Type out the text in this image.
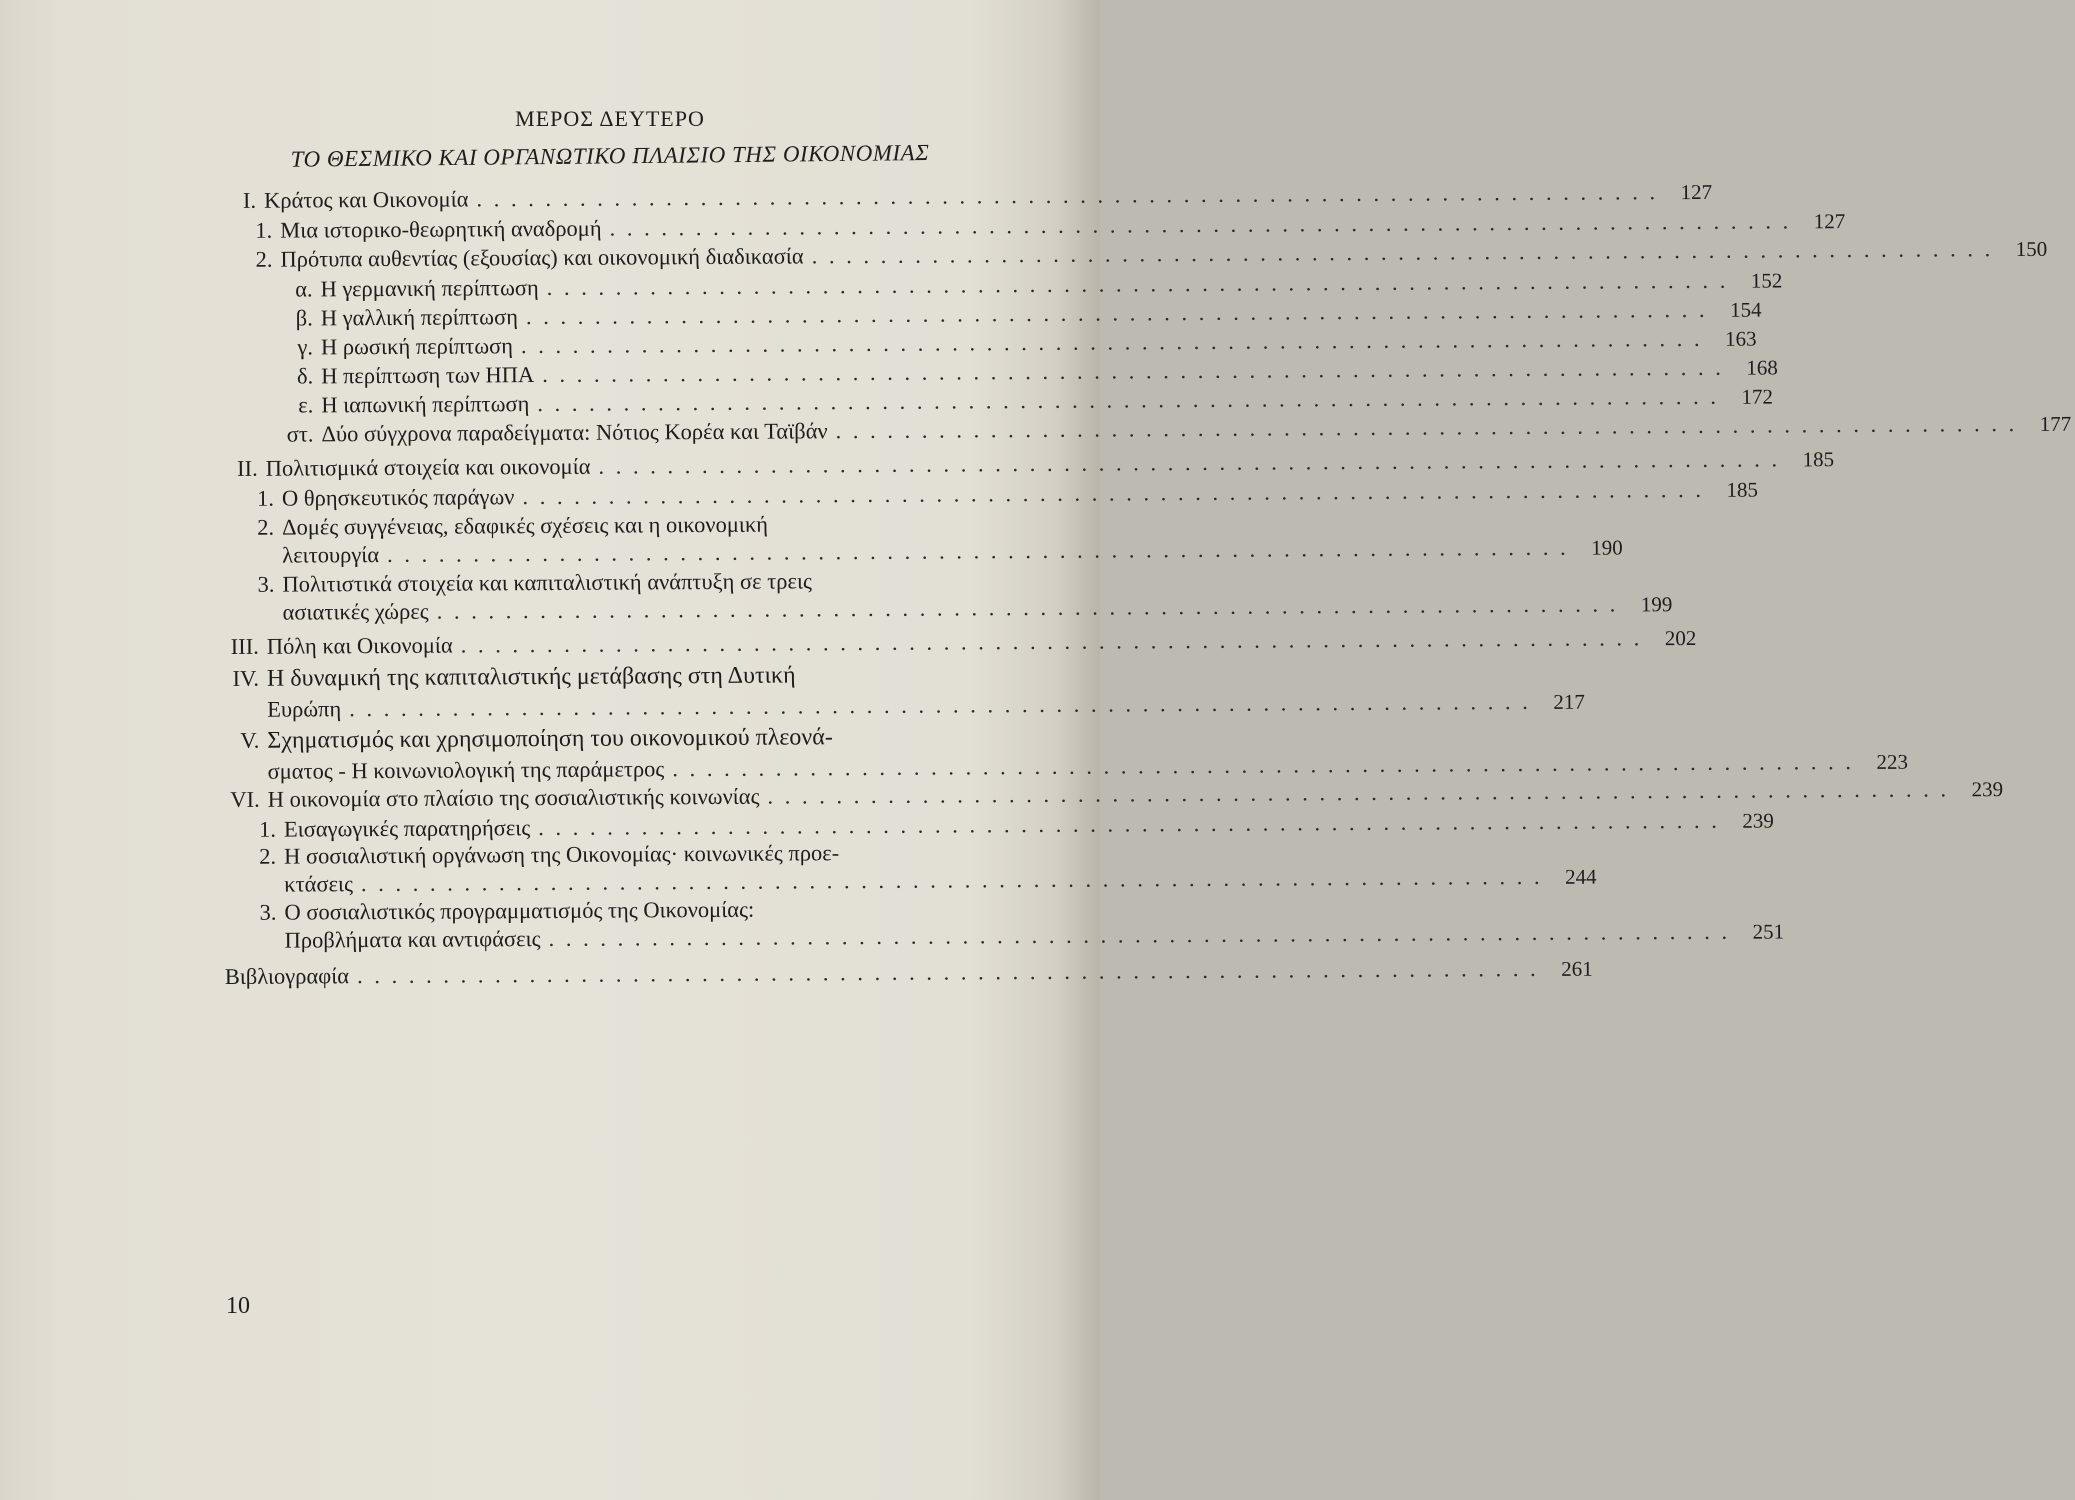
ΜΕΡΟΣ ΔΕΥΤΕΡΟ
ΤΟ ΘΕΣΜΙΚΟ ΚΑΙ ΟΡΓΑΝΩΤΙΚΟ ΠΛΑΙΣΙΟ ΤΗΣ ΟΙΚΟΝΟΜΙΑΣ
I. Κράτος και Οικονομία . . . . . . . . . . . . . . . . . . . . . . . . . . . . . . . . . . . . . . . . . . . . . . . . . . . . . . . . . . . . . . . . . . . . .	127
1. Μια ιστορικο-θεωρητική αναδρομή . . . . . . . . . . . . . . . . . . . . . . . . . . . . . . . . . . . . . . . . . . . . . . . . . . . . . . . . . . . . . . . . . . . . .	127
2. Πρότυπα αυθεντίας (εξουσίας) και οικονομική διαδικασία . . . . . . . . . . . . . . . . . . . . . . . . . . . . . . . . . . . . . . . . . . . . . . . . . . . . . . . . . . . . . . . . . . . . .	150
α. Η γερμανική περίπτωση . . . . . . . . . . . . . . . . . . . . . . . . . . . . . . . . . . . . . . . . . . . . . . . . . . . . . . . . . . . . . . . . . . . . .	152
β. Η γαλλική περίπτωση . . . . . . . . . . . . . . . . . . . . . . . . . . . . . . . . . . . . . . . . . . . . . . . . . . . . . . . . . . . . . . . . . . . . .	154
γ. Η ρωσική περίπτωση . . . . . . . . . . . . . . . . . . . . . . . . . . . . . . . . . . . . . . . . . . . . . . . . . . . . . . . . . . . . . . . . . . . . .	163
δ. Η περίπτωση των ΗΠΑ . . . . . . . . . . . . . . . . . . . . . . . . . . . . . . . . . . . . . . . . . . . . . . . . . . . . . . . . . . . . . . . . . . . . .	168
ε. Η ιαπωνική περίπτωση . . . . . . . . . . . . . . . . . . . . . . . . . . . . . . . . . . . . . . . . . . . . . . . . . . . . . . . . . . . . . . . . . . . . .	172
στ. Δύο σύγχρονα παραδείγματα: Νότιος Κορέα και Ταϊβάν . . . . . . . . . . . . . . . . . . . . . . . . . . . . . . . . . . . . . . . . . . . . . . . . . . . . . . . . . . . . . . . . . . . . .	177
II. Πολιτισμικά στοιχεία και οικονομία . . . . . . . . . . . . . . . . . . . . . . . . . . . . . . . . . . . . . . . . . . . . . . . . . . . . . . . . . . . . . . . . . . . . .	185
1. Ο θρησκευτικός παράγων . . . . . . . . . . . . . . . . . . . . . . . . . . . . . . . . . . . . . . . . . . . . . . . . . . . . . . . . . . . . . . . . . . . . .	185
2. Δομές συγγένειας, εδαφικές σχέσεις και η οικονομική
λειτουργία . . . . . . . . . . . . . . . . . . . . . . . . . . . . . . . . . . . . . . . . . . . . . . . . . . . . . . . . . . . . . . . . . . . . .	190
3. Πολιτιστικά στοιχεία και καπιταλιστική ανάπτυξη σε τρεις
ασιατικές χώρες . . . . . . . . . . . . . . . . . . . . . . . . . . . . . . . . . . . . . . . . . . . . . . . . . . . . . . . . . . . . . . . . . . . . .	199
III. Πόλη και Οικονομία . . . . . . . . . . . . . . . . . . . . . . . . . . . . . . . . . . . . . . . . . . . . . . . . . . . . . . . . . . . . . . . . . . . . .	202
IV. Η δυναμική της καπιταλιστικής μετάβασης στη Δυτική
Ευρώπη . . . . . . . . . . . . . . . . . . . . . . . . . . . . . . . . . . . . . . . . . . . . . . . . . . . . . . . . . . . . . . . . . . . . .	217
V. Σχηματισμός και χρησιμοποίηση του οικονομικού πλεονά-
σματος - Η κοινωνιολογική της παράμετρος . . . . . . . . . . . . . . . . . . . . . . . . . . . . . . . . . . . . . . . . . . . . . . . . . . . . . . . . . . . . . . . . . . . . .	223
VI. Η οικονομία στο πλαίσιο της σοσιαλιστικής κοινωνίας . . . . . . . . . . . . . . . . . . . . . . . . . . . . . . . . . . . . . . . . . . . . . . . . . . . . . . . . . . . . . . . . . . . . .	239
1. Εισαγωγικές παρατηρήσεις . . . . . . . . . . . . . . . . . . . . . . . . . . . . . . . . . . . . . . . . . . . . . . . . . . . . . . . . . . . . . . . . . . . . .	239
2. Η σοσιαλιστική οργάνωση της Οικονομίας· κοινωνικές προε-
κτάσεις . . . . . . . . . . . . . . . . . . . . . . . . . . . . . . . . . . . . . . . . . . . . . . . . . . . . . . . . . . . . . . . . . . . . .	244
3. Ο σοσιαλιστικός προγραμματισμός της Οικονομίας:
Προβλήματα και αντιφάσεις . . . . . . . . . . . . . . . . . . . . . . . . . . . . . . . . . . . . . . . . . . . . . . . . . . . . . . . . . . . . . . . . . . . . .	251
Βιβλιογραφία . . . . . . . . . . . . . . . . . . . . . . . . . . . . . . . . . . . . . . . . . . . . . . . . . . . . . . . . . . . . . . . . . . . . .	261
10
